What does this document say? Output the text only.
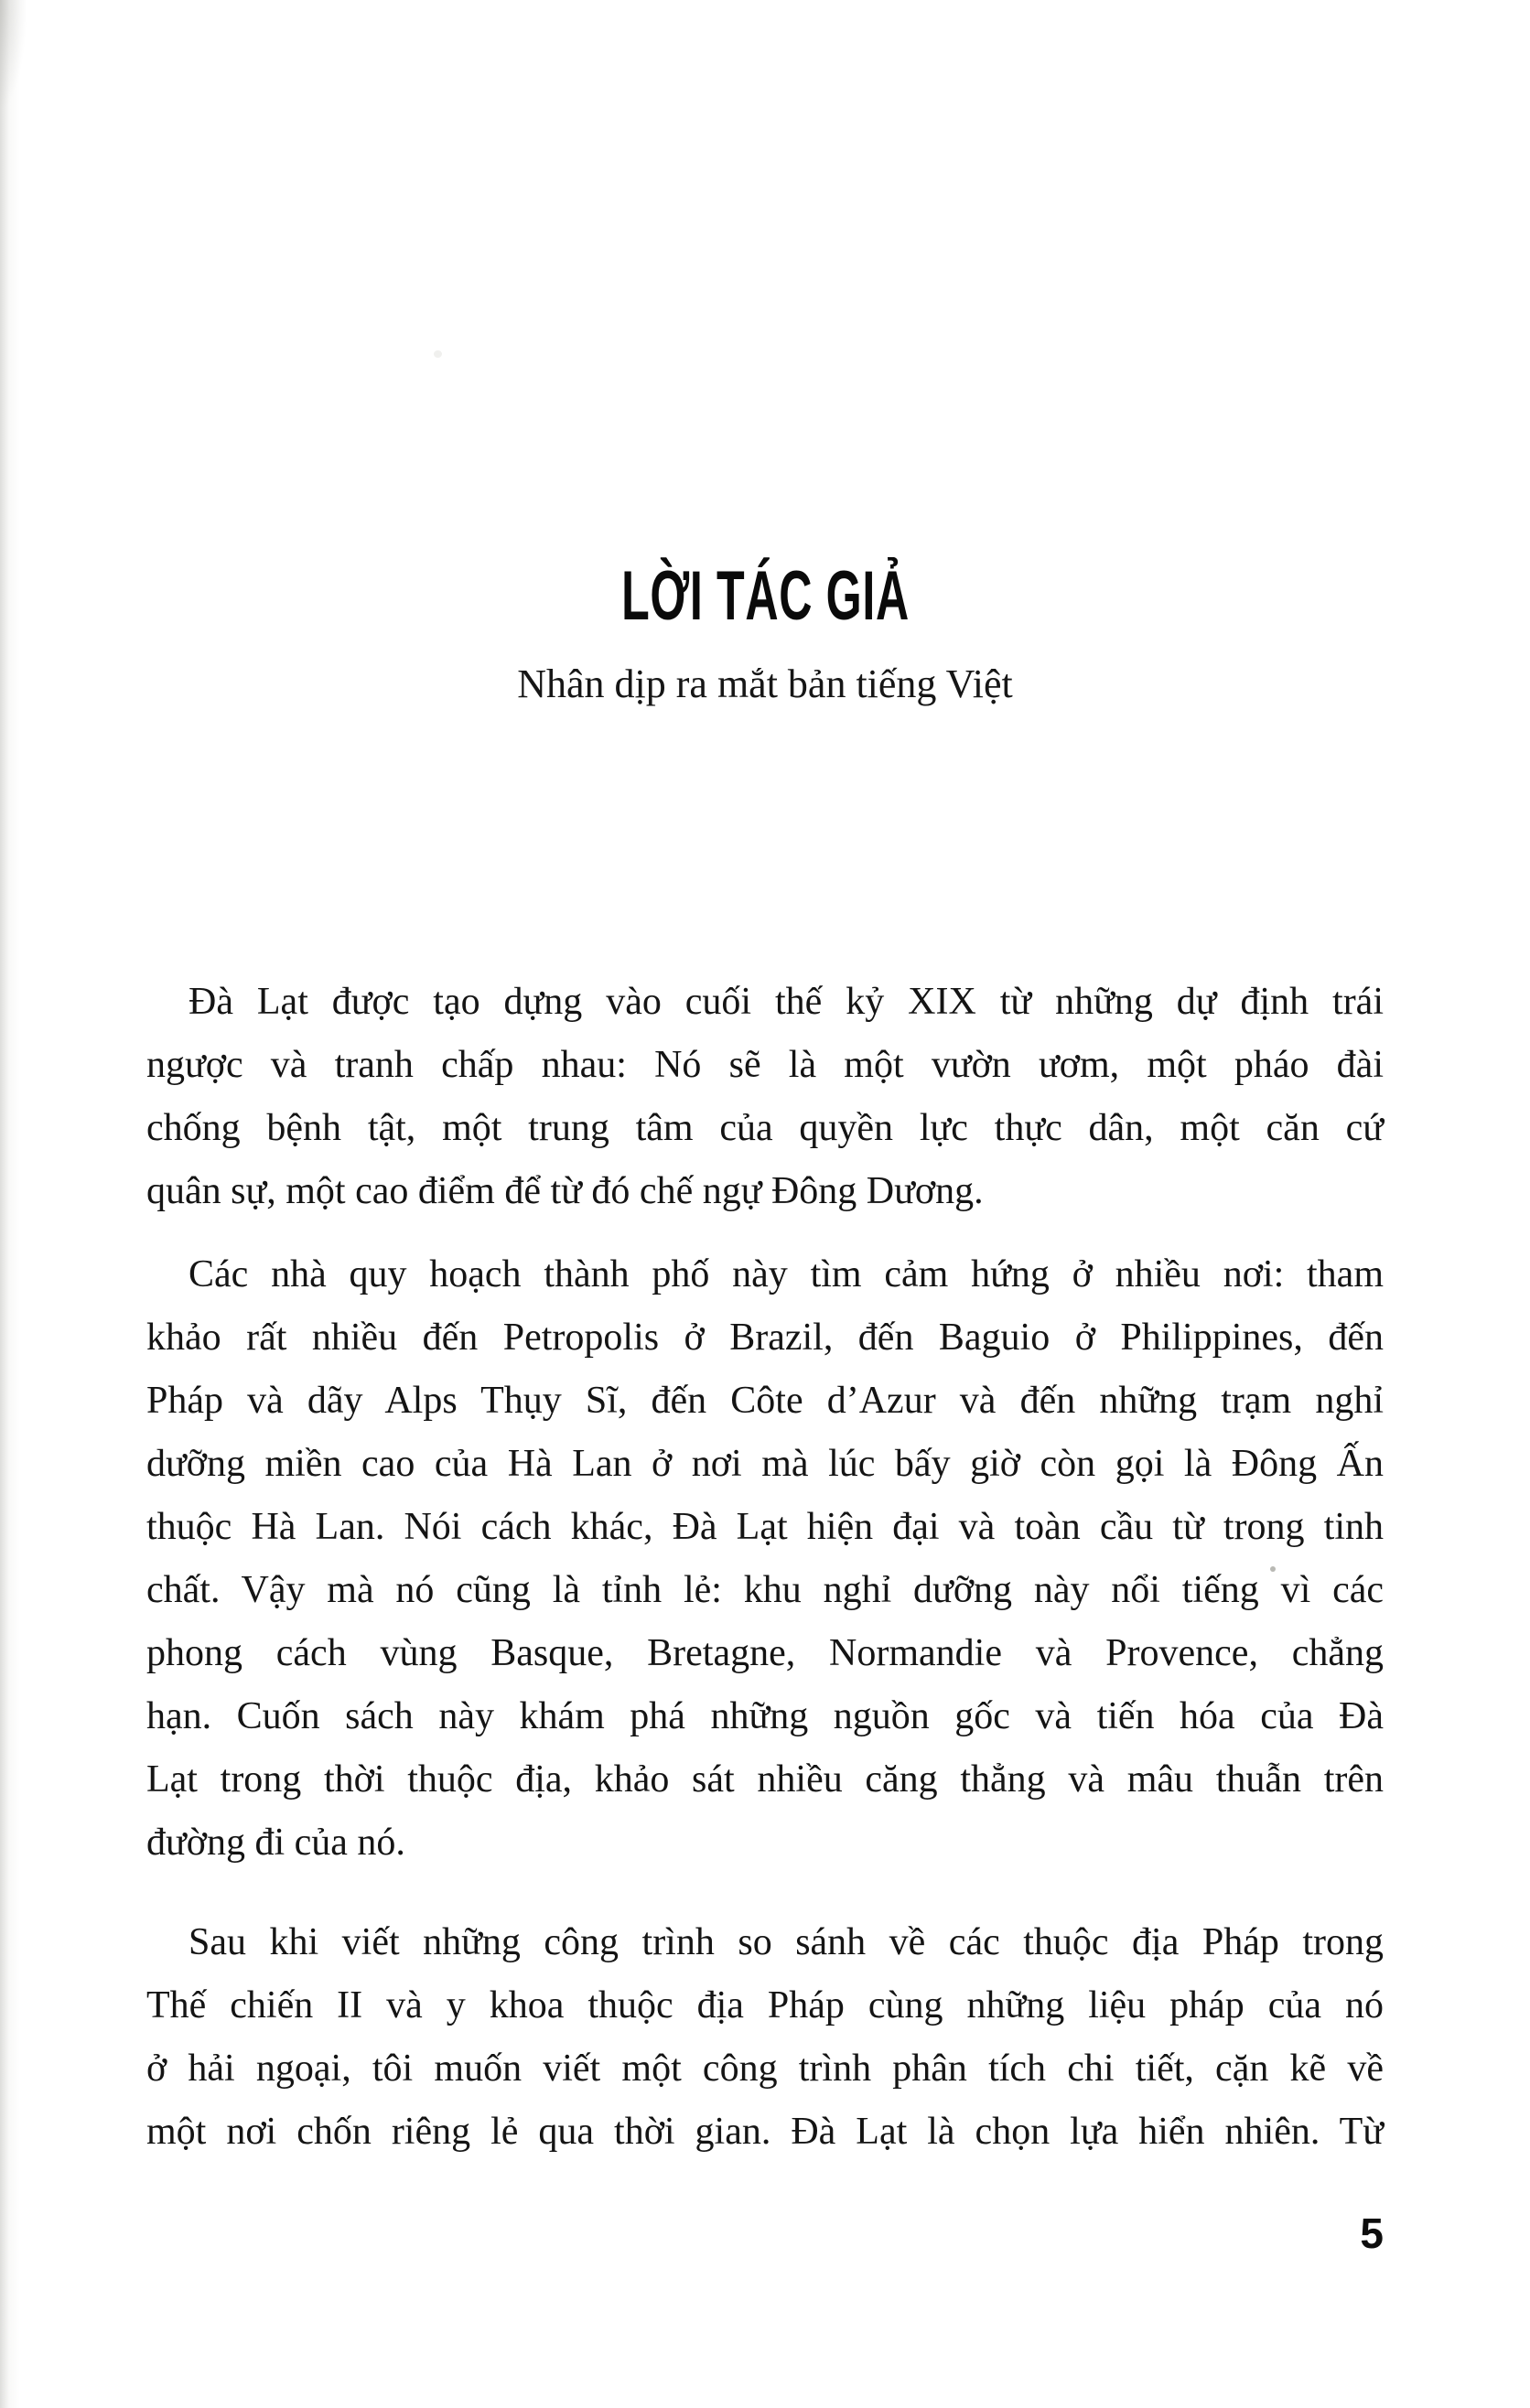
LỜI TÁC GIẢ
Nhân dịp ra mắt bản tiếng Việt
Đà Lạt được tạo dựng vào cuối thế kỷ XIX từ những dự định trái
ngược và tranh chấp nhau: Nó sẽ là một vườn ươm, một pháo đài
chống bệnh tật, một trung tâm của quyền lực thực dân, một căn cứ
quân sự, một cao điểm để từ đó chế ngự Đông Dương.
Các nhà quy hoạch thành phố này tìm cảm hứng ở nhiều nơi: tham
khảo rất nhiều đến Petropolis ở Brazil, đến Baguio ở Philippines, đến
Pháp và dãy Alps Thụy Sĩ, đến Côte d’Azur và đến những trạm nghỉ
dưỡng miền cao của Hà Lan ở nơi mà lúc bấy giờ còn gọi là Đông Ấn
thuộc Hà Lan. Nói cách khác, Đà Lạt hiện đại và toàn cầu từ trong tinh
chất. Vậy mà nó cũng là tỉnh lẻ: khu nghỉ dưỡng này nổi tiếng vì các
phong cách vùng Basque, Bretagne, Normandie và Provence, chẳng
hạn. Cuốn sách này khám phá những nguồn gốc và tiến hóa của Đà
Lạt trong thời thuộc địa, khảo sát nhiều căng thẳng và mâu thuẫn trên
đường đi của nó.
Sau khi viết những công trình so sánh về các thuộc địa Pháp trong
Thế chiến II và y khoa thuộc địa Pháp cùng những liệu pháp của nó
ở hải ngoại, tôi muốn viết một công trình phân tích chi tiết, cặn kẽ về
một nơi chốn riêng lẻ qua thời gian. Đà Lạt là chọn lựa hiển nhiên. Từ
5
